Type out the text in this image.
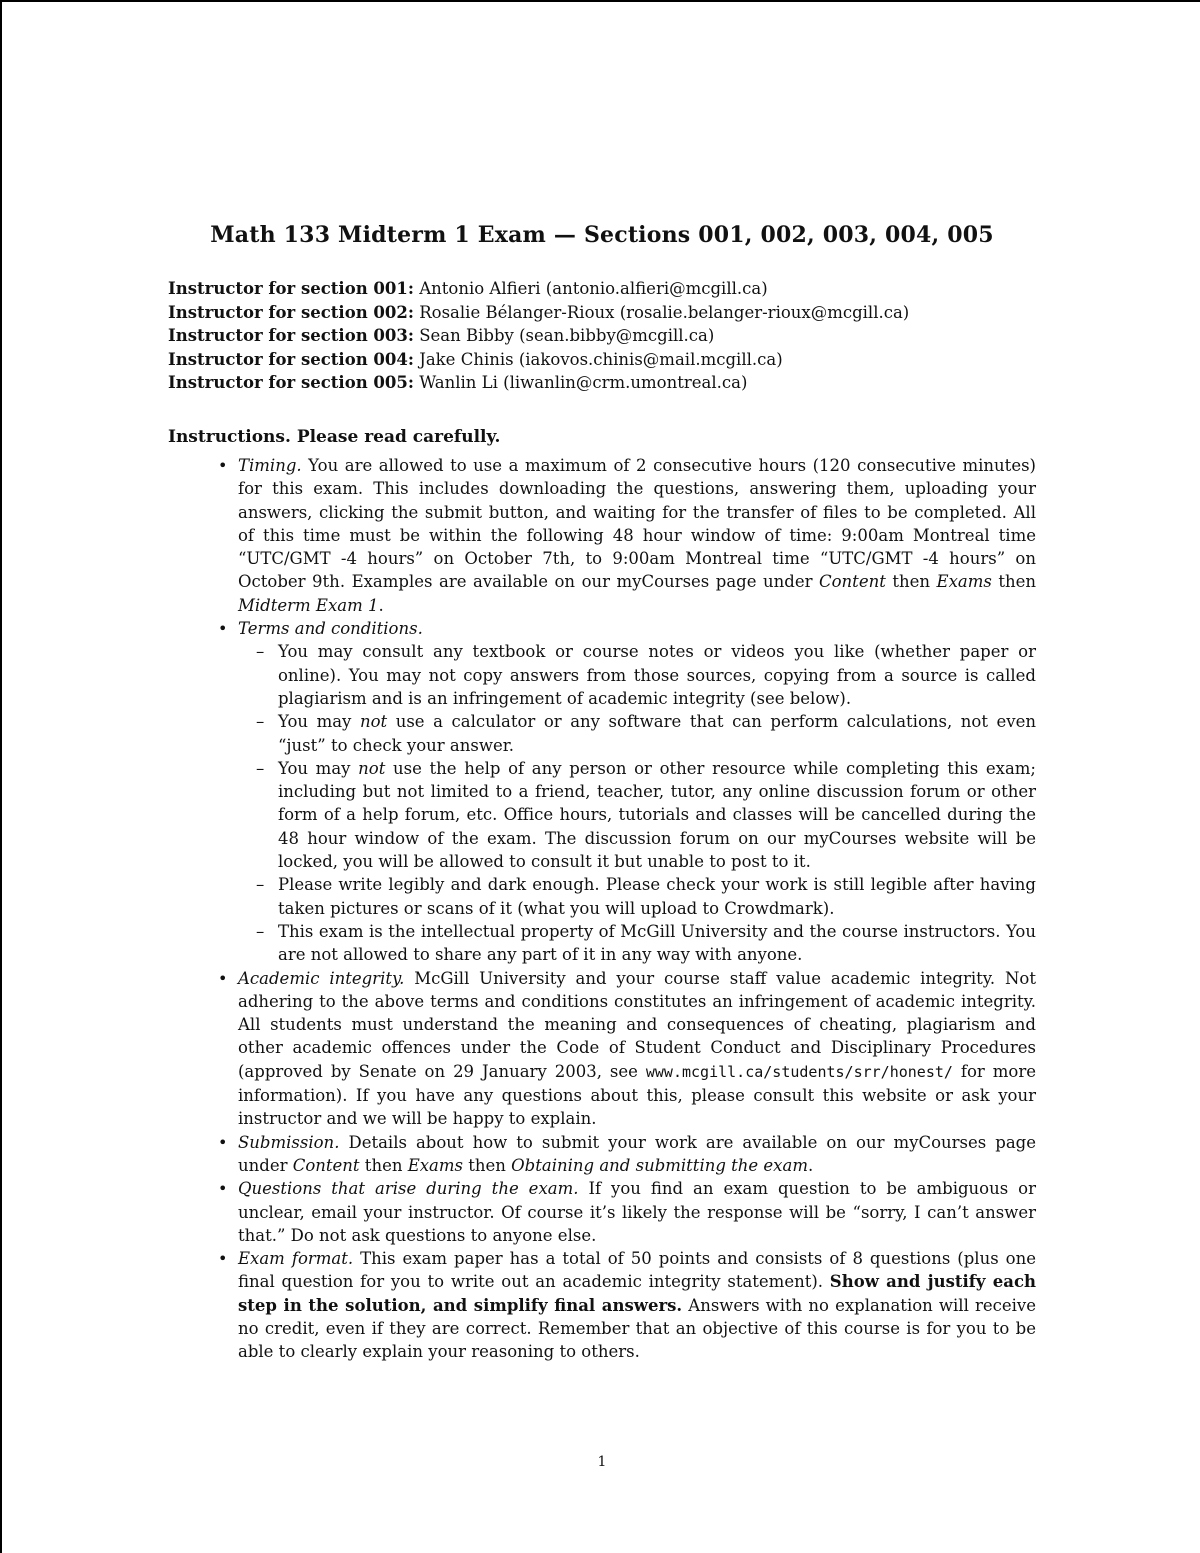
Math 133 Midterm 1 Exam — Sections 001, 002, 003, 004, 005
Instructor for section 001: Antonio Alfieri (antonio.alfieri@mcgill.ca)
Instructor for section 002: Rosalie Bélanger-Rioux (rosalie.belanger-rioux@mcgill.ca)
Instructor for section 003: Sean Bibby (sean.bibby@mcgill.ca)
Instructor for section 004: Jake Chinis (iakovos.chinis@mail.mcgill.ca)
Instructor for section 005: Wanlin Li (liwanlin@crm.umontreal.ca)
Instructions. Please read carefully.
• Timing. You are allowed to use a maximum of 2 consecutive hours (120 consecutive minutes) for this exam. This includes downloading the questions, answering them, uploading your answers, clicking the submit button, and waiting for the transfer of files to be completed. All of this time must be within the following 48 hour window of time: 9:00am Montreal time “UTC/GMT -4 hours” on October 7th, to 9:00am Montreal time “UTC/GMT -4 hours” on October 9th. Examples are available on our myCourses page under Content then Exams then Midterm Exam 1.
• Terms and conditions.
– You may consult any textbook or course notes or videos you like (whether paper or online). You may not copy answers from those sources, copying from a source is called plagiarism and is an infringement of academic integrity (see below).
– You may not use a calculator or any software that can perform calculations, not even “just” to check your answer.
– You may not use the help of any person or other resource while completing this exam; including but not limited to a friend, teacher, tutor, any online discussion forum or other form of a help forum, etc. Office hours, tutorials and classes will be cancelled during the 48 hour window of the exam. The discussion forum on our myCourses website will be locked, you will be allowed to consult it but unable to post to it.
– Please write legibly and dark enough. Please check your work is still legible after having taken pictures or scans of it (what you will upload to Crowdmark).
– This exam is the intellectual property of McGill University and the course instructors. You are not allowed to share any part of it in any way with anyone.
• Academic integrity. McGill University and your course staff value academic integrity. Not adhering to the above terms and conditions constitutes an infringement of academic integrity. All students must understand the meaning and consequences of cheating, plagiarism and other academic offences under the Code of Student Conduct and Disciplinary Procedures (approved by Senate on 29 January 2003, see www.mcgill.ca/students/srr/honest/ for more information). If you have any questions about this, please consult this website or ask your instructor and we will be happy to explain.
• Submission. Details about how to submit your work are available on our myCourses page under Content then Exams then Obtaining and submitting the exam.
• Questions that arise during the exam. If you find an exam question to be ambiguous or unclear, email your instructor. Of course it’s likely the response will be “sorry, I can’t answer that.” Do not ask questions to anyone else.
• Exam format. This exam paper has a total of 50 points and consists of 8 questions (plus one final question for you to write out an academic integrity statement). Show and justify each step in the solution, and simplify final answers. Answers with no explanation will receive no credit, even if they are correct. Remember that an objective of this course is for you to be able to clearly explain your reasoning to others.
1
